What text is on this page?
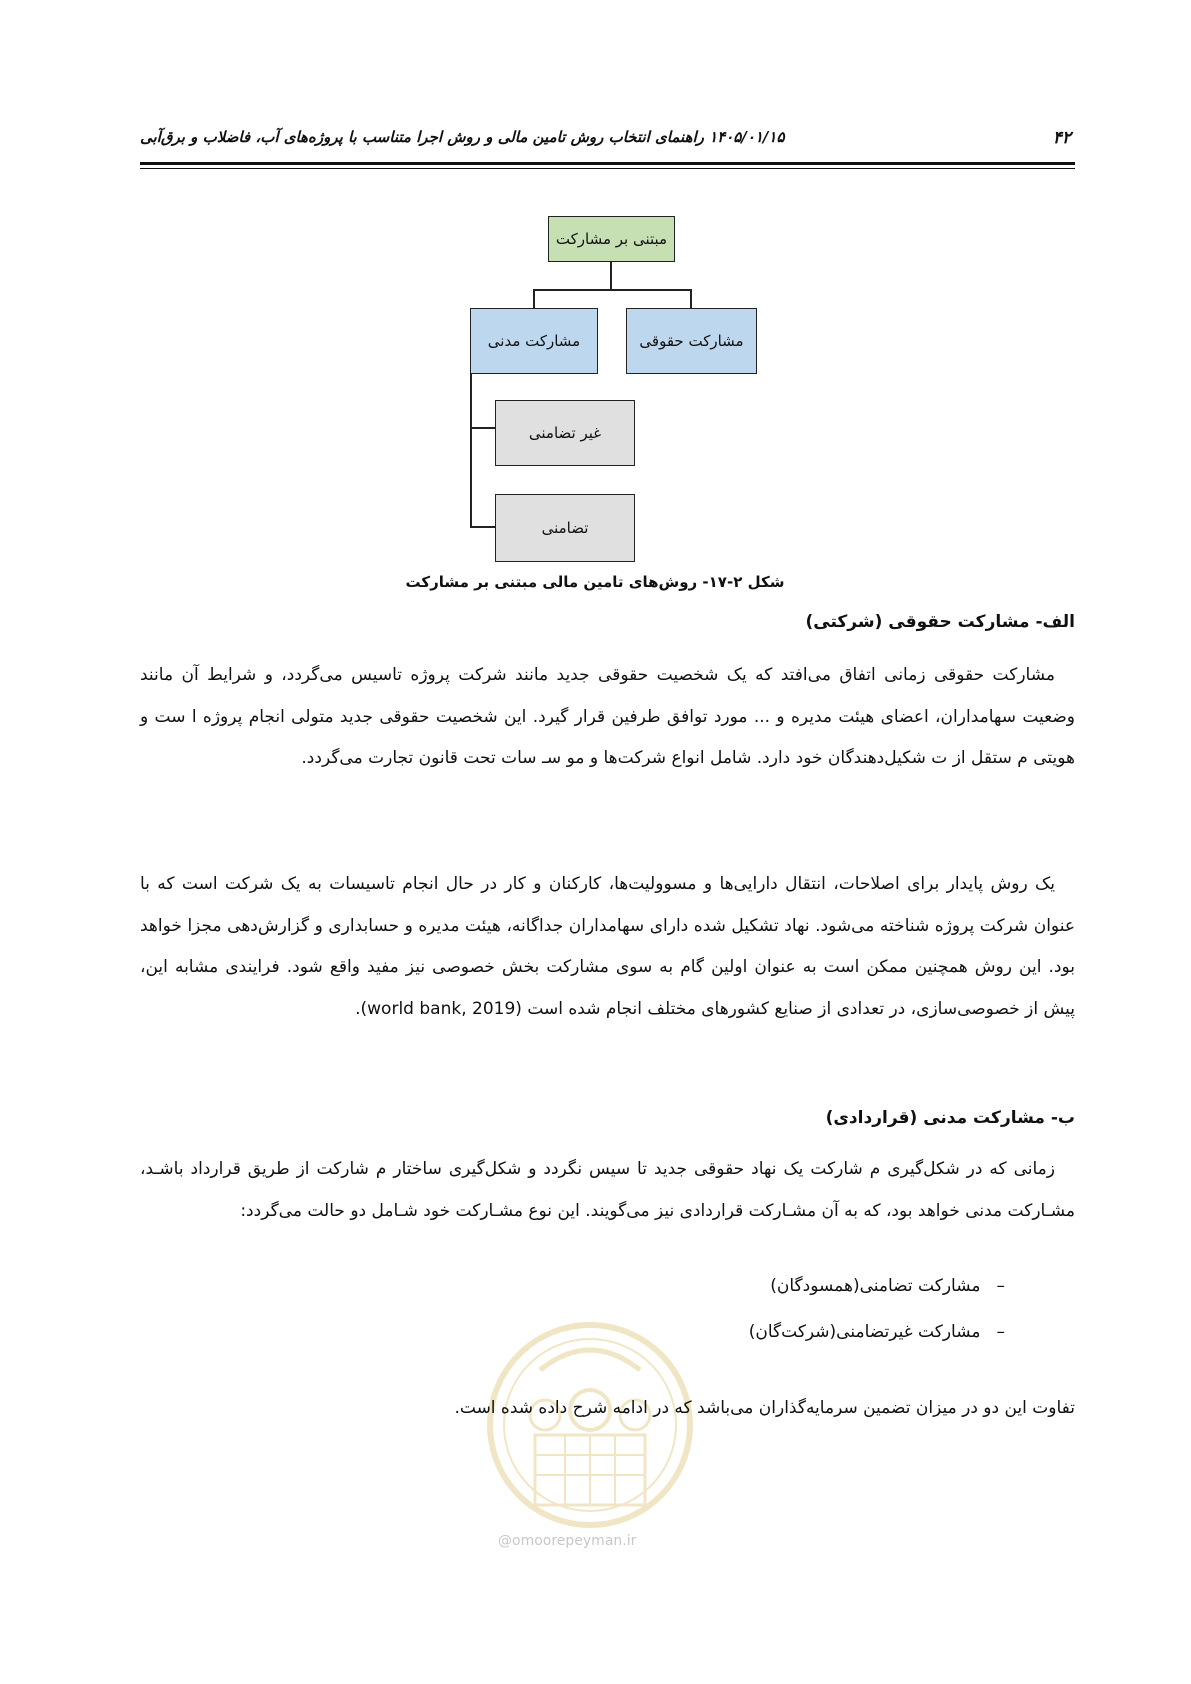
۴۲
۱۴۰۵/۰۱/۱۵ راهنمای انتخاب روش تامین مالی و روش اجرا متناسب با پروژه‌های آب، فاضلاب و برق‌آبی
مبتنی بر مشارکت
مشارکت مدنی	مشارکت حقوقی
غیر تضامنی
تضامنی
شکل ۲-۱۷- روش‌های تامین مالی مبتنی بر مشارکت
@omoorepeyman.ir
الف- مشارکت حقوقی (شرکتی)

مشارکت حقوقی زمانی اتفاق می‌افتد که یک شخصیت حقوقی جدید مانند شرکت پروژه تاسیس می‌گردد، و شرایط آن مانند وضعیت سهامداران، اعضای هیئت مدیره و ... مورد توافق طرفین قرار گیرد. این شخصیت حقوقی جدید متولی انجام پروژه ا ست و هویتی م ستقل از ت شکیل‌دهندگان خود دارد. شامل انواع شرکت‌ها و مو سـ سات تحت قانون تجارت می‌گردد.

یک روش پایدار برای اصلاحات، انتقال دارایی‌ها و مسوولیت‌ها، کارکنان و کار در حال انجام تاسیسات به یک شرکت است که با عنوان شرکت پروژه شناخته می‌شود. نهاد تشکیل شده دارای سهامداران جداگانه، هیئت مدیره و حسابداری و گزارش‌دهی مجزا خواهد بود. این روش همچنین ممکن است به عنوان اولین گام به سوی مشارکت بخش خصوصی نیز مفید واقع شود. فرایندی مشابه این، پیش از خصوصی‌سازی، در تعدادی از صنایع کشورهای مختلف انجام شده است (world bank, 2019).

ب- مشارکت مدنی (قراردادی)

زمانی که در شکل‌گیری م شارکت یک نهاد حقوقی جدید تا سیس نگردد و شکل‌گیری ساختار م شارکت از طریق قرارداد باشـد، مشـارکت مدنی خواهد بود، که به آن مشـارکت قراردادی نیز می‌گویند. این نوع مشـارکت خود شـامل دو حالت می‌گردد:

–مشارکت تضامنی(همسودگان)
–مشارکت غیرتضامنی(شرکت‌گان)
تفاوت این دو در میزان تضمین سرمایه‌گذاران می‌باشد که در ادامه شرح داده شده است.
